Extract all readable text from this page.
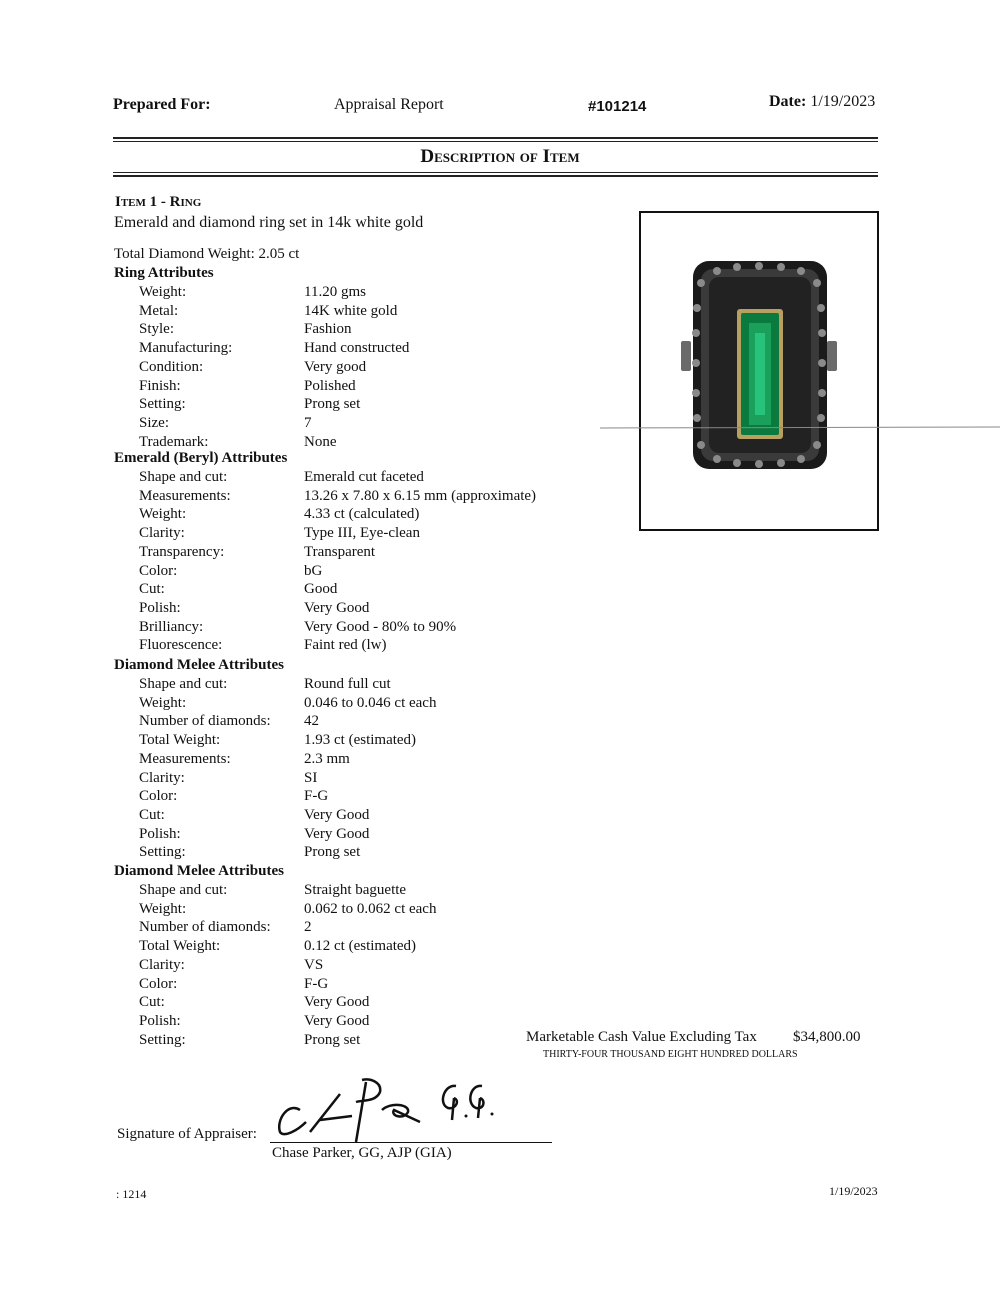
Prepared For:	Appraisal Report	#101214	Date: 1/19/2023
Description of Item
Item 1 - Ring
Emerald and diamond ring set in 14k white gold
Total Diamond Weight: 2.05 ct
Ring Attributes
Weight:	11.20 gms
Metal:	14K white gold
Style:	Fashion
Manufacturing:	Hand constructed
Condition:	Very good
Finish:	Polished
Setting:	Prong set
Size:	7
Trademark:	None
Emerald (Beryl) Attributes
Shape and cut:	Emerald cut faceted
Measurements:	13.26 x 7.80 x 6.15 mm (approximate)
Weight:	4.33 ct (calculated)
Clarity:	Type III, Eye-clean
Transparency:	Transparent
Color:	bG
Cut:	Good
Polish:	Very Good
Brilliancy:	Very Good - 80% to 90%
Fluorescence:	Faint red (lw)
Diamond Melee Attributes
Shape and cut:	Round full cut
Weight:	0.046 to 0.046 ct each
Number of diamonds: 42
Total Weight:	1.93 ct (estimated)
Measurements:	2.3 mm
Clarity:	SI
Color:	F-G
Cut:	Very Good
Polish:	Very Good
Setting:	Prong set
Diamond Melee Attributes
Shape and cut:	Straight baguette
Weight:	0.062 to 0.062 ct each
Number of diamonds: 2
Total Weight:	0.12 ct (estimated)
Clarity:	VS
Color:	F-G
Cut:	Very Good
Polish:	Very Good
Setting:	Prong set	Marketable Cash Value Excluding Tax $34,800.00
THIRTY-FOUR THOUSAND EIGHT HUNDRED DOLLARS
Signature of Appraiser:
Chase Parker, GG, AJP (GIA)
: 1214	1/19/2023
